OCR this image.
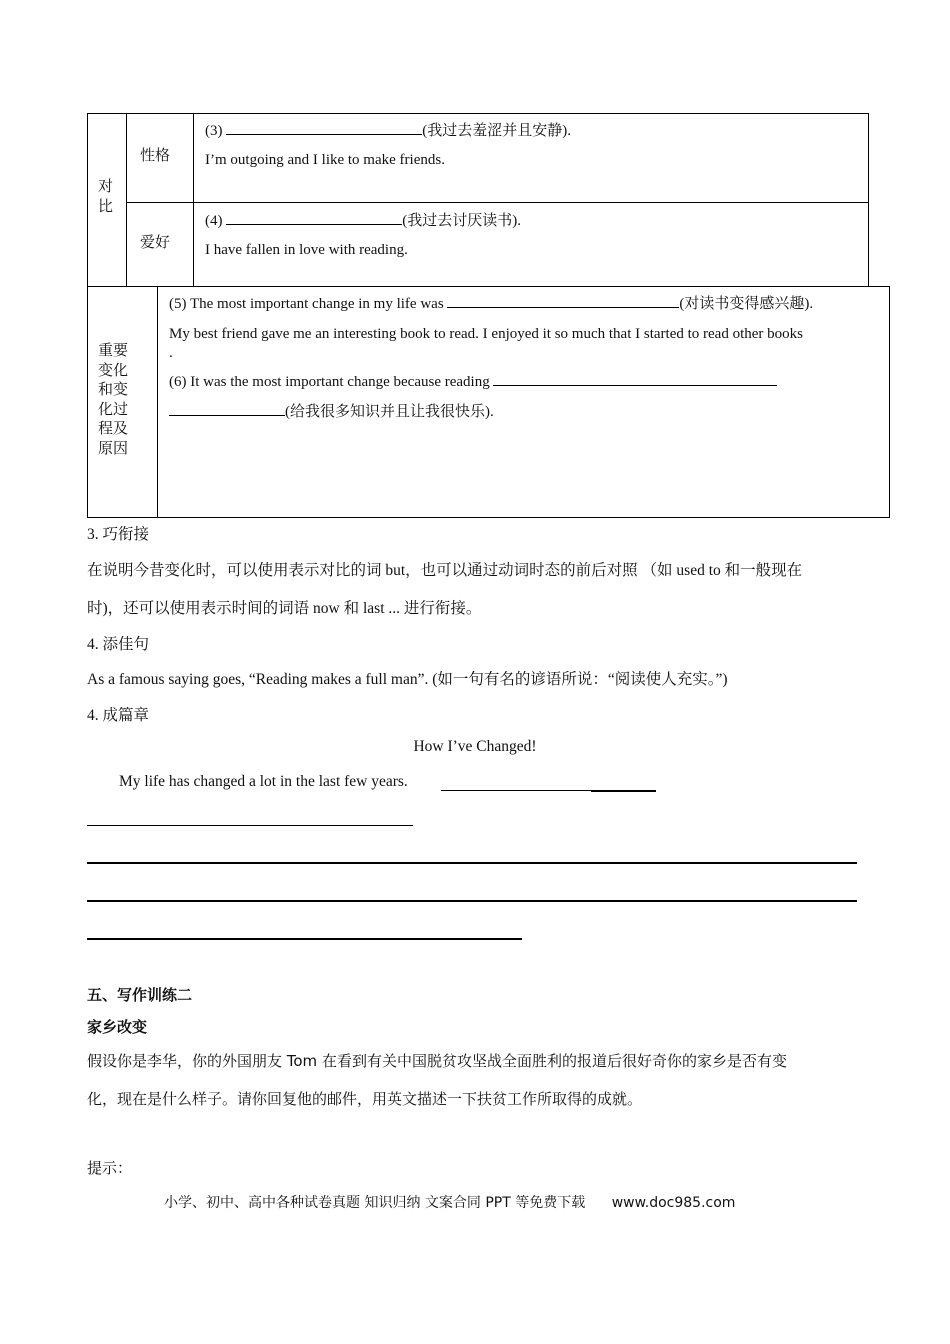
对
比
性格
(3)	(我过去羞涩并且安静).
I’m outgoing and I like to make friends.
爱好
(4)	(我过去讨厌读书).
I have fallen in love with reading.
重要
变化
和变
化过
程及
原因
(5) The most important change in my life was	(对读书变得感兴趣).
My best friend gave me an interesting book to read. I enjoyed it so much that I started to read other books
.
(6) It was the most important change because reading
(给我很多知识并且让我很快乐).
3. 巧衔接
在说明今昔变化时，可以使用表示对比的词 but，也可以通过动词时态的前后对照 （如 used to 和一般现在
时)，还可以使用表示时间的词语 now 和 last ... 进行衔接。
4. 添佳句
As a famous saying goes, “Reading makes a full man”. (如一句有名的谚语所说：“阅读使人充实。”)
4. 成篇章
How I’ve Changed!
My life has changed a lot in the last few years.
五、写作训练二
家乡改变
假设你是李华，你的外国朋友 Tom 在看到有关中国脱贫攻坚战全面胜利的报道后很好奇你的家乡是否有变
化，现在是什么样子。请你回复他的邮件，用英文描述一下扶贫工作所取得的成就。
提示：
小学、初中、高中各种试卷真题 知识归纳 文案合同 PPT 等免费下载 www.doc985.com
